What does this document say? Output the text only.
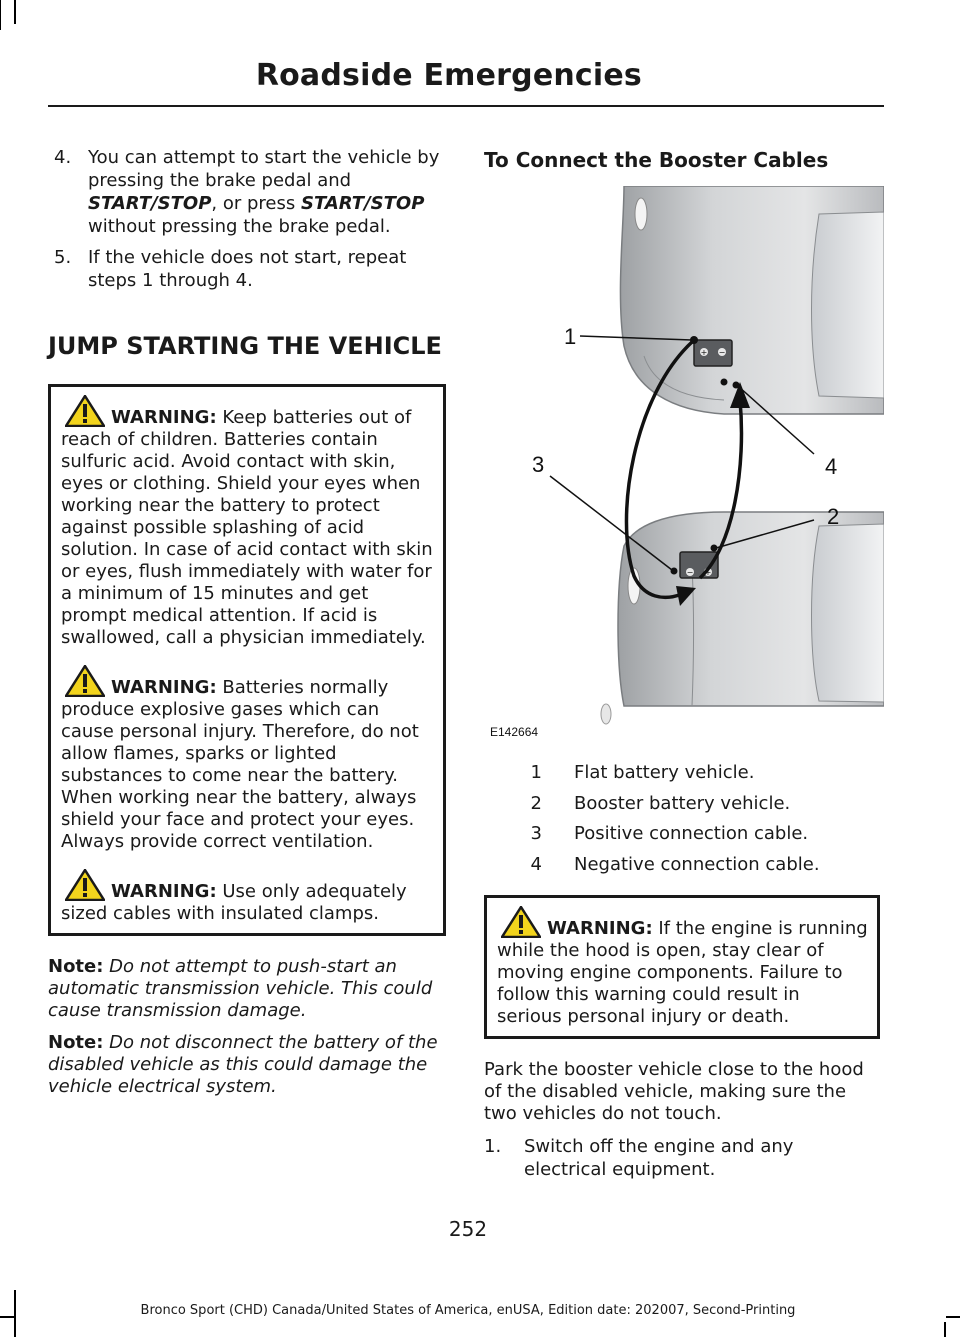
Roadside Emergencies
4. You can attempt to start the vehicle by pressing the brake pedal and START/STOP, or press START/STOP without pressing the brake pedal.
5. If the vehicle does not start, repeat steps 1 through 4.
JUMP STARTING THE VEHICLE
WARNING: Keep batteries out of reach of children. Batteries contain sulfuric acid. Avoid contact with skin, eyes or clothing. Shield your eyes when working near the battery to protect against possible splashing of acid solution. In case of acid contact with skin or eyes, flush immediately with water for a minimum of 15 minutes and get prompt medical attention. If acid is swallowed, call a physician immediately.
WARNING: Batteries normally produce explosive gases which can cause personal injury. Therefore, do not allow flames, sparks or lighted substances to come near the battery. When working near the battery, always shield your face and protect your eyes. Always provide correct ventilation.
WARNING: Use only adequately sized cables with insulated clamps.
Note: Do not attempt to push-start an automatic transmission vehicle. This could cause transmission damage.
Note: Do not disconnect the battery of the disabled vehicle as this could damage the vehicle electrical system.
To Connect the Booster Cables
+ −
− +
1
2
3	4
E142664
1	Flat battery vehicle.
2	Booster battery vehicle.
3	Positive connection cable.
4	Negative connection cable.
WARNING: If the engine is running while the hood is open, stay clear of moving engine components. Failure to follow this warning could result in serious personal injury or death.
Park the booster vehicle close to the hood of the disabled vehicle, making sure the two vehicles do not touch.
1.	Switch off the engine and any electrical equipment.
252
Bronco Sport (CHD) Canada/United States of America, enUSA, Edition date: 202007, Second-Printing
